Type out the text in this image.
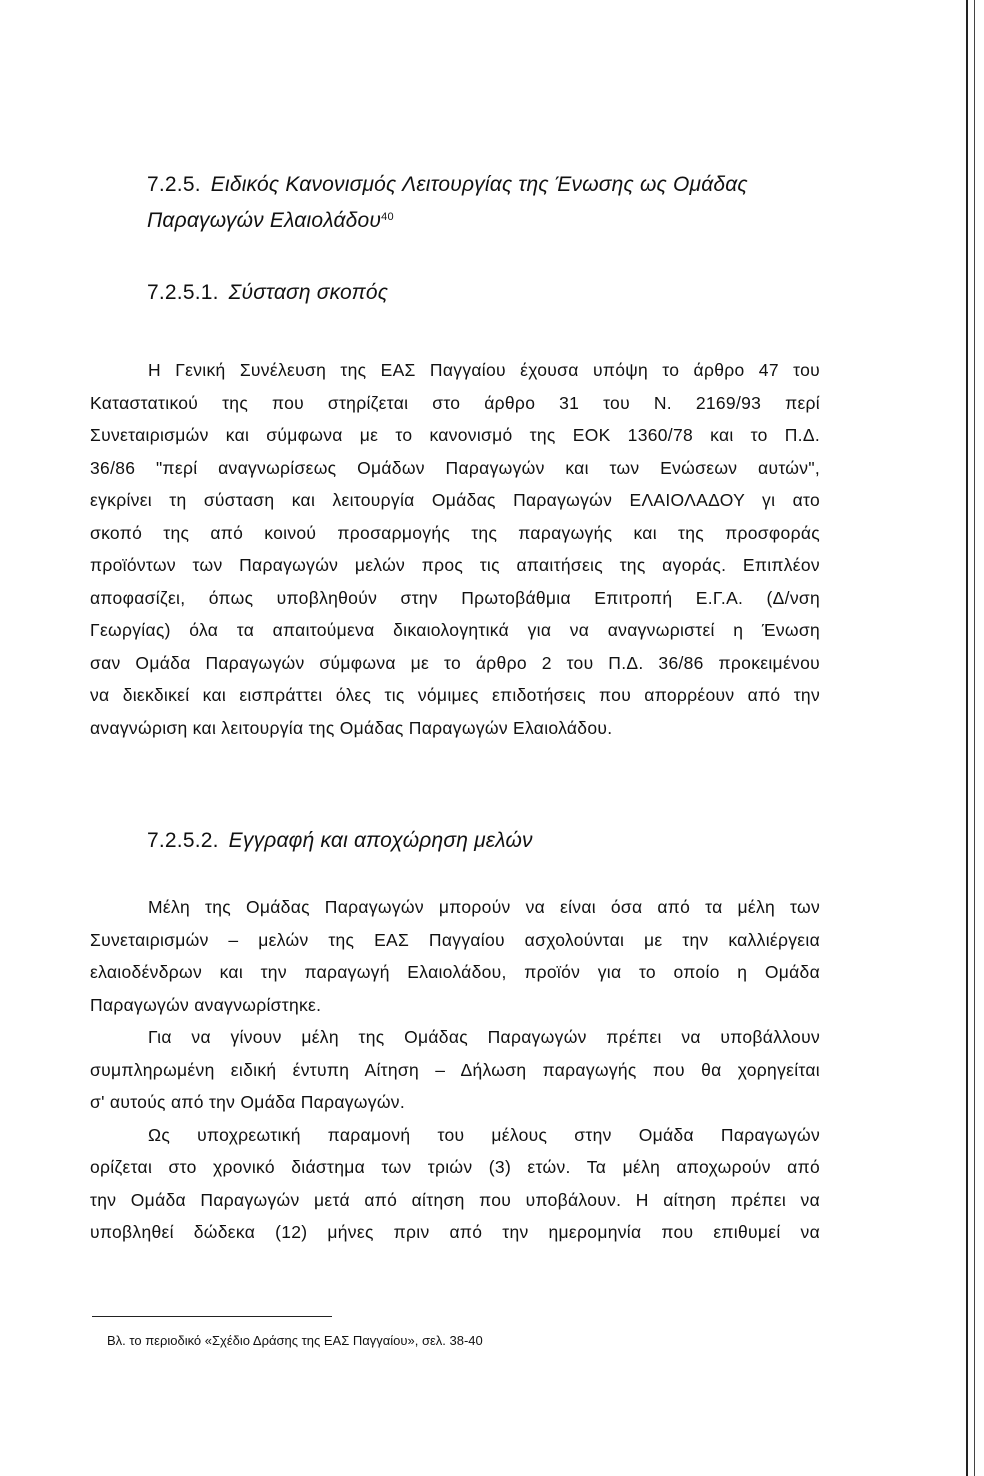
7.2.5. Ειδικός Κανονισμός Λειτουργίας της Ένωσης ως Ομάδας
Παραγωγών Ελαιολάδου$^{40}$
7.2.5.1. Σύσταση σκοπός
Η Γενική Συνέλευση της ΕΑΣ Παγγαίου έχουσα υπόψη το άρθρο 47 του
Καταστατικού της που στηρίζεται στο άρθρο 31 του Ν. 2169/93 περί
Συνεταιρισμών και σύμφωνα με το κανονισμό της ΕΟΚ 1360/78 και το Π.Δ.
36/86 "περί αναγνωρίσεως Ομάδων Παραγωγών και των Ενώσεων αυτών",
εγκρίνει τη σύσταση και λειτουργία Ομάδας Παραγωγών ΕΛΑΙΟΛΑΔΟΥ γι ατο
σκοπό της από κοινού προσαρμογής της παραγωγής και της προσφοράς
προϊόντων των Παραγωγών μελών προς τις απαιτήσεις της αγοράς. Επιπλέον
αποφασίζει, όπως υποβληθούν στην Πρωτοβάθμια Επιτροπή Ε.Γ.Α. (Δ/νση
Γεωργίας) όλα τα απαιτούμενα δικαιολογητικά για να αναγνωριστεί η Ένωση
σαν Ομάδα Παραγωγών σύμφωνα με το άρθρο 2 του Π.Δ. 36/86 προκειμένου
να διεκδικεί και εισπράττει όλες τις νόμιμες επιδοτήσεις που απορρέουν από την
αναγνώριση και λειτουργία της Ομάδας Παραγωγών Ελαιολάδου.
7.2.5.2. Εγγραφή και αποχώρηση μελών
Μέλη της Ομάδας Παραγωγών μπορούν να είναι όσα από τα μέλη των
Συνεταιρισμών – μελών της ΕΑΣ Παγγαίου ασχολούνται με την καλλιέργεια
ελαιοδένδρων και την παραγωγή Ελαιολάδου, προϊόν για το οποίο η Ομάδα
Παραγωγών αναγνωρίστηκε.
Για να γίνουν μέλη της Ομάδας Παραγωγών πρέπει να υποβάλλουν
συμπληρωμένη ειδική έντυπη Αίτηση – Δήλωση παραγωγής που θα χορηγείται
σ' αυτούς από την Ομάδα Παραγωγών.
Ως υποχρεωτική παραμονή του μέλους στην Ομάδα Παραγωγών
ορίζεται στο χρονικό διάστημα των τριών (3) ετών. Τα μέλη αποχωρούν από
την Ομάδα Παραγωγών μετά από αίτηση που υποβάλουν. Η αίτηση πρέπει να
υποβληθεί δώδεκα (12) μήνες πριν από την ημερομηνία που επιθυμεί να
Βλ. το περιοδικό «Σχέδιο Δράσης της ΕΑΣ Παγγαίου», σελ. 38-40
